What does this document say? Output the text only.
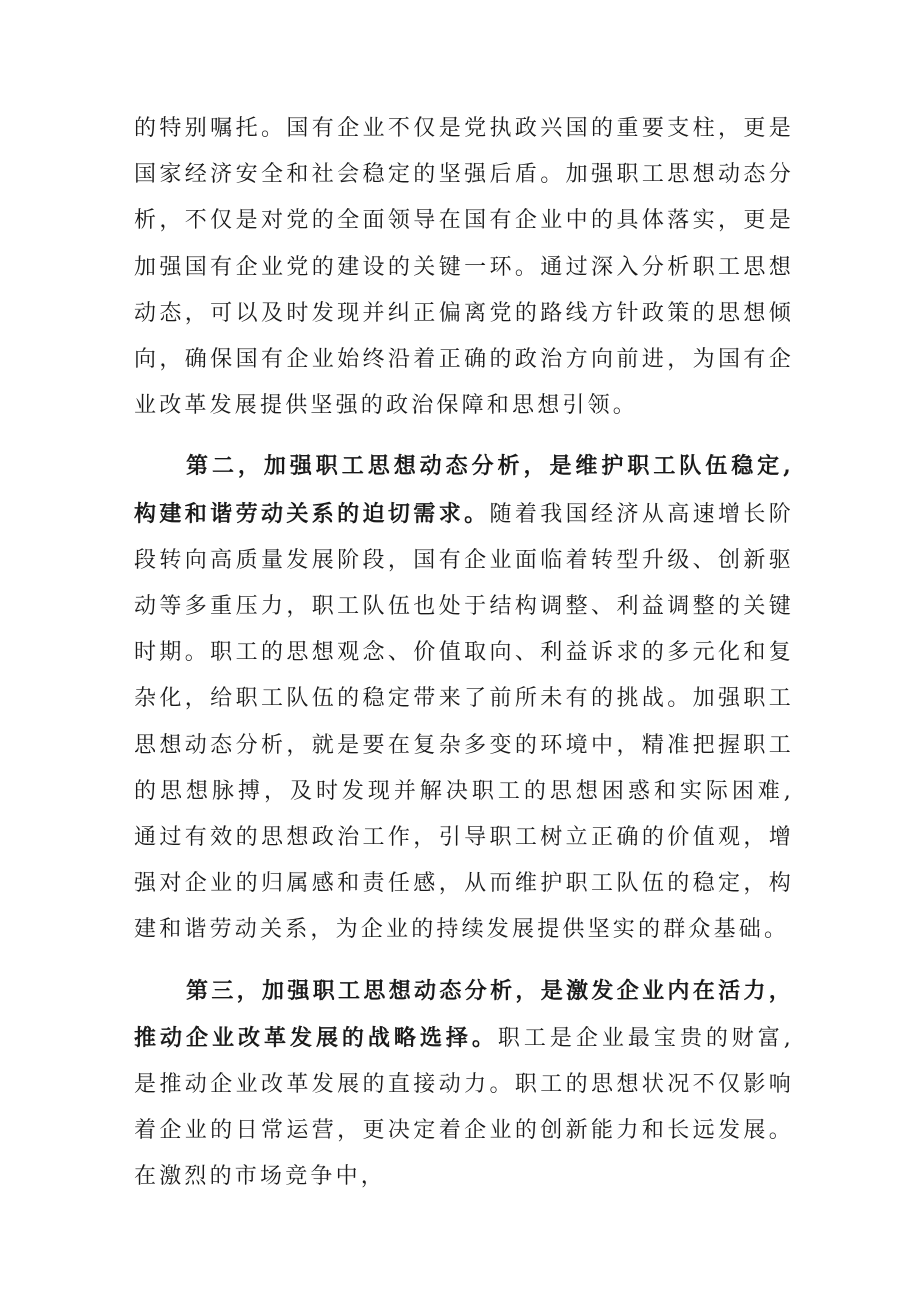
的特别嘱托。国有企业不仅是党执政兴国的重要支柱，更是国家经济安全和社会稳定的坚强后盾。加强职工思想动态分析，不仅是对党的全面领导在国有企业中的具体落实，更是加强国有企业党的建设的关键一环。通过深入分析职工思想动态，可以及时发现并纠正偏离党的路线方针政策的思想倾向，确保国有企业始终沿着正确的政治方向前进，为国有企业改革发展提供坚强的政治保障和思想引领。

第二，加强职工思想动态分析，是维护职工队伍稳定,构建和谐劳动关系的迫切需求。随着我国经济从高速增长阶段转向高质量发展阶段，国有企业面临着转型升级、创新驱动等多重压力，职工队伍也处于结构调整、利益调整的关键时期。职工的思想观念、价值取向、利益诉求的多元化和复杂化，给职工队伍的稳定带来了前所未有的挑战。加强职工思想动态分析，就是要在复杂多变的环境中，精准把握职工的思想脉搏，及时发现并解决职工的思想困惑和实际困难,通过有效的思想政治工作，引导职工树立正确的价值观，增强对企业的归属感和责任感，从而维护职工队伍的稳定，构建和谐劳动关系，为企业的持续发展提供坚实的群众基础。

第三，加强职工思想动态分析，是激发企业内在活力，推动企业改革发展的战略选择。职工是企业最宝贵的财富,是推动企业改革发展的直接动力。职工的思想状况不仅影响着企业的日常运营，更决定着企业的创新能力和长远发展。在激烈的市场竞争中，
